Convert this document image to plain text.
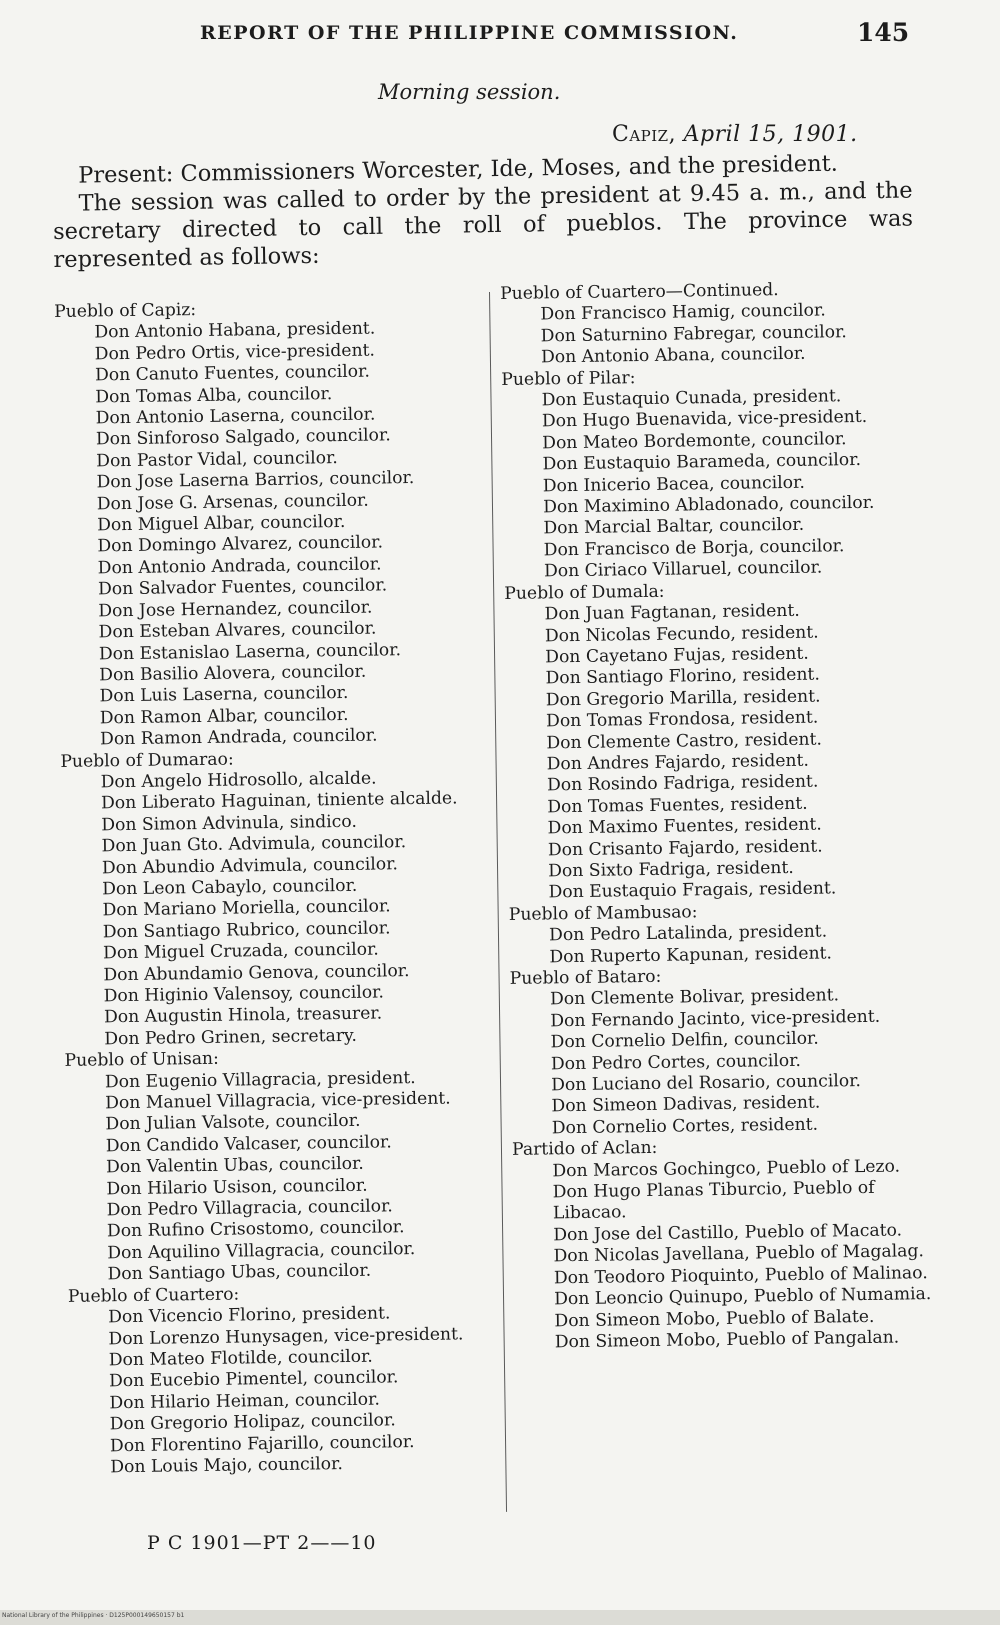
REPORT OF THE PHILIPPINE COMMISSION.	145
Morning session.
Capiz, April 15, 1901.

Present: Commissioners Worcester, Ide, Moses, and the president.

The session was called to order by the president at 9.45 a. m., and the secretary directed to call the roll of pueblos. The province was represented as follows:

Pueblo of Capiz:
Don Antonio Habana, president.
Don Pedro Ortis, vice-president.
Don Canuto Fuentes, councilor.
Don Tomas Alba, councilor.
Don Antonio Laserna, councilor.
Don Sinforoso Salgado, councilor.
Don Pastor Vidal, councilor.
Don Jose Laserna Barrios, councilor.
Don Jose G. Arsenas, councilor.
Don Miguel Albar, councilor.
Don Domingo Alvarez, councilor.
Don Antonio Andrada, councilor.
Don Salvador Fuentes, councilor.
Don Jose Hernandez, councilor.
Don Esteban Alvares, councilor.
Don Estanislao Laserna, councilor.
Don Basilio Alovera, councilor.
Don Luis Laserna, councilor.
Don Ramon Albar, councilor.
Don Ramon Andrada, councilor.
Pueblo of Dumarao:
Don Angelo Hidrosollo, alcalde.
Don Liberato Haguinan, tiniente alcalde.
Don Simon Advinula, sindico.
Don Juan Gto. Advimula, councilor.
Don Abundio Advimula, councilor.
Don Leon Cabaylo, councilor.
Don Mariano Moriella, councilor.
Don Santiago Rubrico, councilor.
Don Miguel Cruzada, councilor.
Don Abundamio Genova, councilor.
Don Higinio Valensoy, councilor.
Don Augustin Hinola, treasurer.
Don Pedro Grinen, secretary.
Pueblo of Unisan:
Don Eugenio Villagracia, president.
Don Manuel Villagracia, vice-president.
Don Julian Valsote, councilor.
Don Candido Valcaser, councilor.
Don Valentin Ubas, councilor.
Don Hilario Usison, councilor.
Don Pedro Villagracia, councilor.
Don Rufino Crisostomo, councilor.
Don Aquilino Villagracia, councilor.
Don Santiago Ubas, councilor.
Pueblo of Cuartero:
Don Vicencio Florino, president.
Don Lorenzo Hunysagen, vice-president.
Don Mateo Flotilde, councilor.
Don Eucebio Pimentel, councilor.
Don Hilario Heiman, councilor.
Don Gregorio Holipaz, councilor.
Don Florentino Fajarillo, councilor.
Don Louis Majo, councilor.
Pueblo of Cuartero—Continued.
Don Francisco Hamig, councilor.
Don Saturnino Fabregar, councilor.
Don Antonio Abana, councilor.
Pueblo of Pilar:
Don Eustaquio Cunada, president.
Don Hugo Buenavida, vice-president.
Don Mateo Bordemonte, councilor.
Don Eustaquio Barameda, councilor.
Don Inicerio Bacea, councilor.
Don Maximino Abladonado, councilor.
Don Marcial Baltar, councilor.
Don Francisco de Borja, councilor.
Don Ciriaco Villaruel, councilor.
Pueblo of Dumala:
Don Juan Fagtanan, resident.
Don Nicolas Fecundo, resident.
Don Cayetano Fujas, resident.
Don Santiago Florino, resident.
Don Gregorio Marilla, resident.
Don Tomas Frondosa, resident.
Don Clemente Castro, resident.
Don Andres Fajardo, resident.
Don Rosindo Fadriga, resident.
Don Tomas Fuentes, resident.
Don Maximo Fuentes, resident.
Don Crisanto Fajardo, resident.
Don Sixto Fadriga, resident.
Don Eustaquio Fragais, resident.
Pueblo of Mambusao:
Don Pedro Latalinda, president.
Don Ruperto Kapunan, resident.
Pueblo of Bataro:
Don Clemente Bolivar, president.
Don Fernando Jacinto, vice-president.
Don Cornelio Delfin, councilor.
Don Pedro Cortes, councilor.
Don Luciano del Rosario, councilor.
Don Simeon Dadivas, resident.
Don Cornelio Cortes, resident.
Partido of Aclan:
Don Marcos Gochingco, Pueblo of Lezo.
Don Hugo Planas Tiburcio, Pueblo of Libacao.
Don Jose del Castillo, Pueblo of Macato.
Don Nicolas Javellana, Pueblo of Magalag.
Don Teodoro Pioquinto, Pueblo of Malinao.
Don Leoncio Quinupo, Pueblo of Numamia.
Don Simeon Mobo, Pueblo of Balate.
Don Simeon Mobo, Pueblo of Pangalan.
P C 1901—PT 2——10
National Library of the Philippines · D125P000149650157 b1
